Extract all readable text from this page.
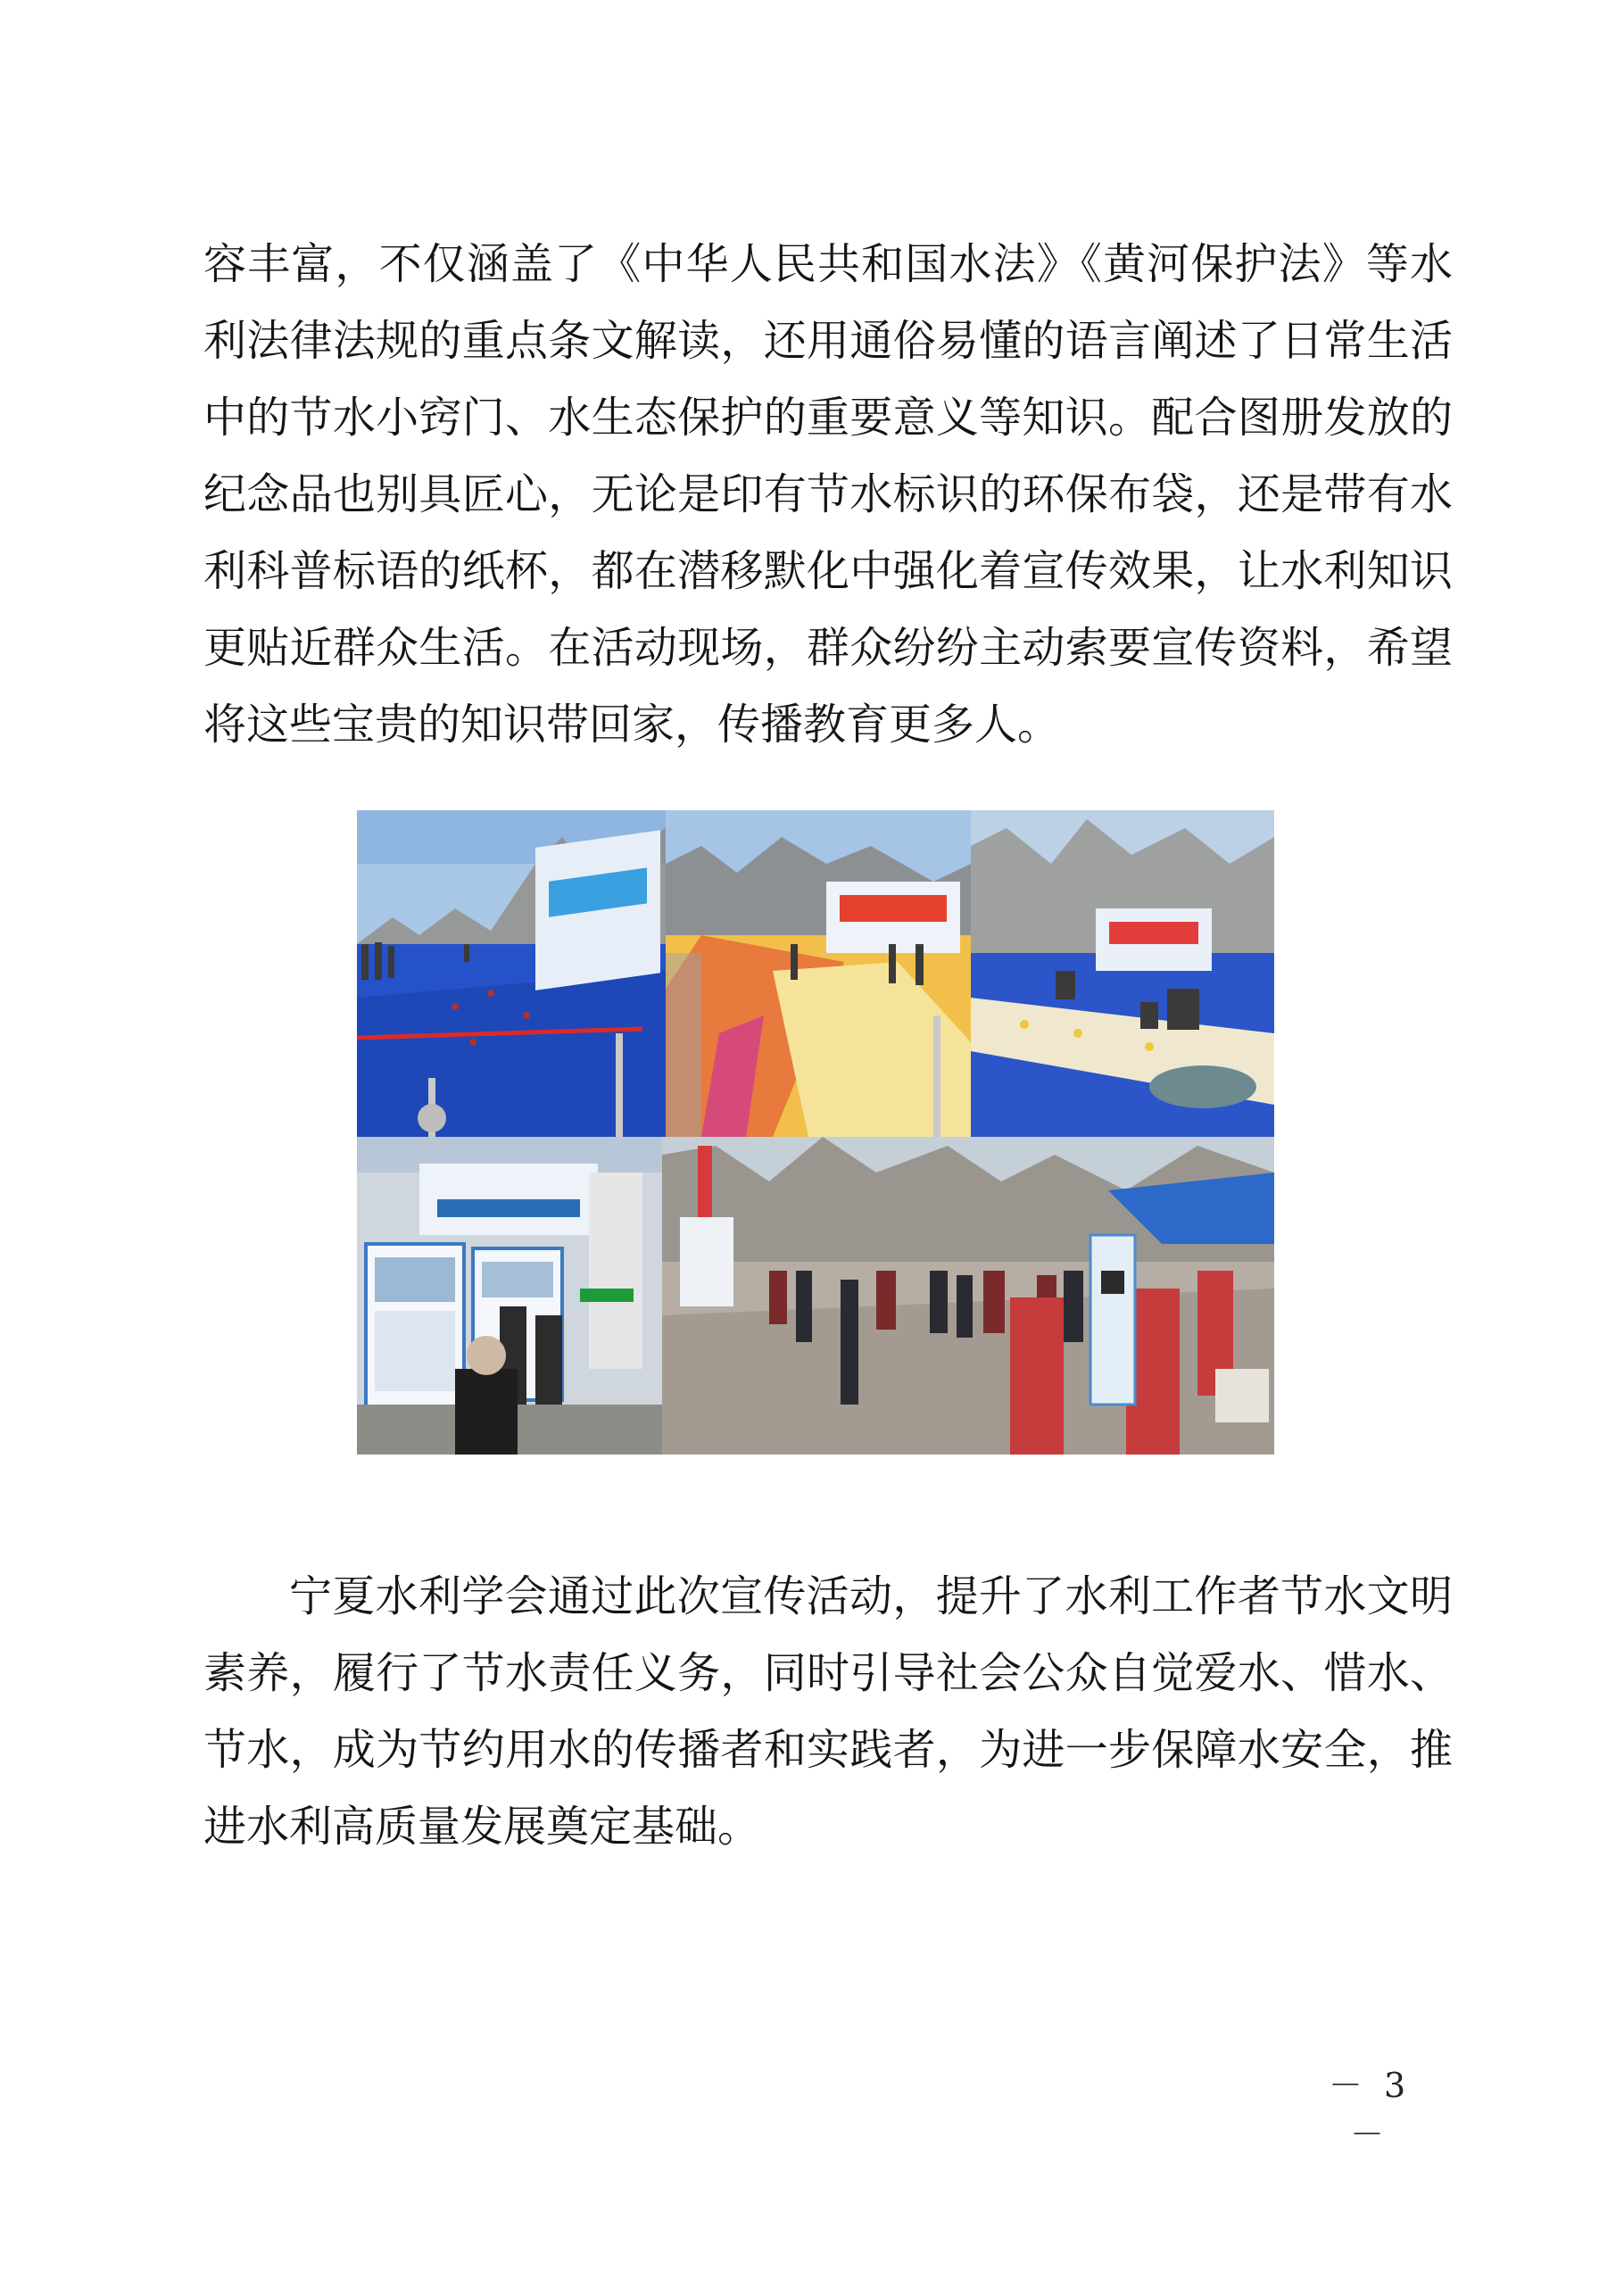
容丰富，不仅涵盖了《中华人民共和国水法》《黄河保护法》等水
利法律法规的重点条文解读，还用通俗易懂的语言阐述了日常生活
中的节水小窍门、水生态保护的重要意义等知识。配合图册发放的
纪念品也别具匠心，无论是印有节水标识的环保布袋，还是带有水
利科普标语的纸杯，都在潜移默化中强化着宣传效果，让水利知识
更贴近群众生活。在活动现场，群众纷纷主动索要宣传资料，希望
将这些宝贵的知识带回家，传播教育更多人。

宁夏水利学会通过此次宣传活动，提升了水利工作者节水文明
素养，履行了节水责任义务，同时引导社会公众自觉爱水、惜水、
节水，成为节约用水的传播者和实践者，为进一步保障水安全，推
进水利高质量发展奠定基础。

－ 3 －
